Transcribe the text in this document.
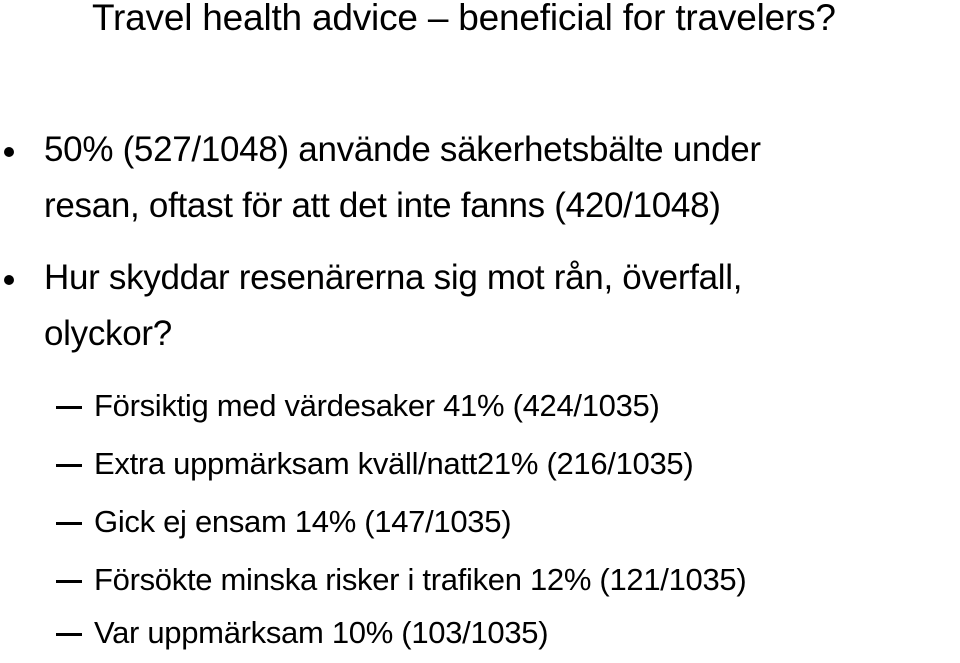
Travel health advice – beneficial for travelers?
50% (527/1048) använde säkerhetsbälte under
resan, oftast för att det inte fanns (420/1048)
Hur skyddar resenärerna sig mot rån, överfall,
olyckor?
Försiktig med värdesaker 41% (424/1035)
Extra uppmärksam kväll/natt21% (216/1035)
Gick ej ensam 14% (147/1035)
Försökte minska risker i trafiken 12% (121/1035)
Var uppmärksam 10% (103/1035)
